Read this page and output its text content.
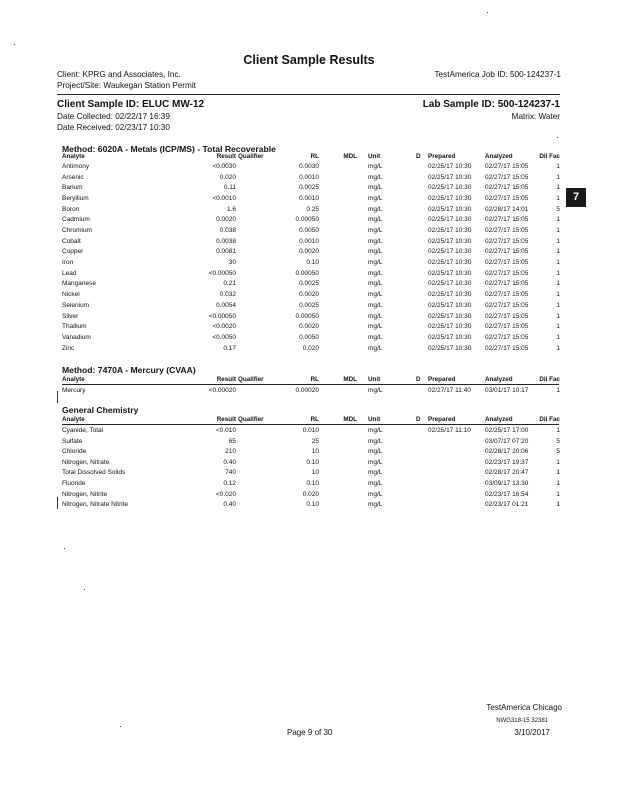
Client Sample Results
Client: KPRG and Associates, Inc.
Project/Site: Waukegan Station Permit
TestAmerica Job ID: 500-124237-1
Client Sample ID: ELUC MW-12	Lab Sample ID: 500-124237-1
Date Collected: 02/22/17 16:39
Date Received: 02/23/17 10:30
Matrix: Water
7
Method: 6020A - Metals (ICP/MS) - Total Recoverable
Analyte	Result Qualifier	RL	MDL Unit	D Prepared	Analyzed	Dil Fac
Antimony	<0.0030	0.0030	mg/L	02/25/17 10:30 02/27/17 15:05	1
Arsenic	0.020	0.0010	mg/L	02/25/17 10:30 02/27/17 15:05	1
Barium	0.11	0.0025	mg/L	02/25/17 10:30 02/27/17 15:05	1
Beryllium	<0.0010	0.0010	mg/L	02/25/17 10:30 02/27/17 15:05	1
Boron	1.6	0.25	mg/L	02/25/17 10:30 02/28/17 14:01	5
Cadmium	0.0020	0.00050	mg/L	02/25/17 10:30 02/27/17 15:05	1
Chromium	0.038	0.0050	mg/L	02/25/17 10:30 02/27/17 15:05	1
Cobalt	0.0038	0.0010	mg/L	02/25/17 10:30 02/27/17 15:05	1
Copper	0.0081	0.0020	mg/L	02/25/17 10:30 02/27/17 15:05	1
Iron	30	0.10	mg/L	02/25/17 10:30 02/27/17 15:05	1
Lead	<0.00050	0.00050	mg/L	02/25/17 10:30 02/27/17 15:05	1
Manganese	0.21	0.0025	mg/L	02/25/17 10:30 02/27/17 15:05	1
Nickel	0.032	0.0020	mg/L	02/25/17 10:30 02/27/17 15:05	1
Selenium	0.0054	0.0025	mg/L	02/25/17 10:30 02/27/17 15:05	1
Silver	<0.00050	0.00050	mg/L	02/25/17 10:30 02/27/17 15:05	1
Thallium	<0.0020	0.0020	mg/L	02/25/17 10:30 02/27/17 15:05	1
Vanadium	<0.0050	0.0050	mg/L	02/25/17 10:30 02/27/17 15:05	1
Zinc	0.17	0.020	mg/L	02/25/17 10:30 02/27/17 15:05	1
Method: 7470A - Mercury (CVAA)
Analyte	Result Qualifier	RL	MDL Unit	D Prepared	Analyzed	Dil Fac
Mercury	<0.00020	0.00020	mg/L	02/27/17 11:40 03/01/17 10:17	1
General Chemistry
Analyte	Result Qualifier	RL	MDL Unit	D Prepared	Analyzed	Dil Fac
Cyanide, Total	<0.010	0.010	mg/L	02/25/17 11:10 02/25/17 17:00	1
Sulfate	65	25	mg/L	03/07/17 07:20	5
Chloride	210	10	mg/L	02/28/17 20:06	5
Nitrogen, Nitrate	0.40	0.10	mg/L	02/23/17 19:37	1
Total Dissolved Solids	740	10	mg/L	02/28/17 20:47	1
Fluoride	0.12	0.10	mg/L	03/09/17 13:30	1
Nitrogen, Nitrite	<0.020	0.020	mg/L	02/23/17 16:54	1
Nitrogen, Nitrate Nitrite	0.40	0.10	mg/L	02/23/17 01:21	1
TestAmerica Chicago
Page 9 of 30
NWG318-15 32381
3/10/2017
